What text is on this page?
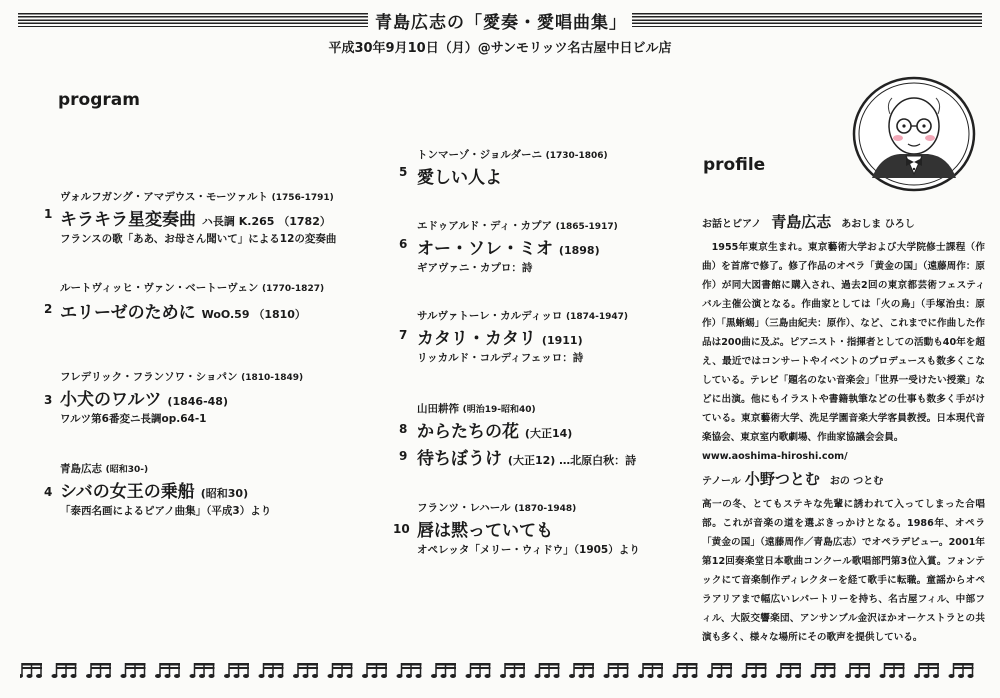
青島広志の「愛奏・愛唱曲集」
平成30年9月10日（月）@サンモリッツ名古屋中日ビル店
program
profile
1
ヴォルフガング・アマデウス・モーツァルト (1756-1791)
キラキラ星変奏曲 ハ長調 K.265 （1782）
フランスの歌「ああ、お母さん聞いて」による12の変奏曲
2
ルートヴィッヒ・ヴァン・ベートーヴェン (1770-1827)
エリーゼのために WoO.59 （1810）
3
フレデリック・フランソワ・ショパン (1810-1849)
小犬のワルツ (1846-48)
ワルツ第6番変ニ長調op.64-1
4
青島広志 (昭和30-)
シバの女王の乗船 (昭和30)
「泰西名画によるピアノ曲集」（平成3）より
5
トンマーゾ・ジョルダーニ (1730-1806)
愛しい人よ
6
エドゥアルド・ディ・カプア (1865-1917)
オー・ソレ・ミオ (1898)
ギアヴァニ・カプロ：詩
7
サルヴァトーレ・カルディッロ (1874-1947)
カタリ・カタリ (1911)
リッカルド・コルディフェッロ：詩
8
山田耕筰 (明治19-昭和40)
からたちの花 (大正14)
9 待ちぼうけ (大正12) …北原白秋：詩
10
フランツ・レハール (1870-1948)
唇は黙っていても
オペレッタ「メリー・ウィドウ」（1905）より
お話とピアノ 青島広志 あおしま ひろし
1955年東京生まれ。東京藝術大学および大学院修士課程（作曲）を首席で修了。修了作品のオペラ「黄金の国」（遠藤周作：原作）が同大図書館に購入され、過去2回の東京都芸術フェスティバル主催公演となる。作曲家としては「火の鳥」（手塚治虫：原作）「黒蜥蜴」（三島由紀夫：原作）、など、これまでに作曲した作品は200曲に及ぶ。ピアニスト・指揮者としての活動も40年を超え、最近ではコンサートやイベントのプロデュースも数多くこなしている。テレビ「題名のない音楽会」「世界一受けたい授業」などに出演。他にもイラストや書籍執筆などの仕事も数多く手がけている。東京藝術大学、洗足学園音楽大学客員教授。日本現代音楽協会、東京室内歌劇場、作曲家協議会会員。
www.aoshima-hiroshi.com/
テノール 小野つとむ おの つとむ
高一の冬、とてもステキな先輩に誘われて入ってしまった合唱部。これが音楽の道を選ぶきっかけとなる。1986年、オペラ「黄金の国」（遠藤周作／青島広志）でオペラデビュー。2001年第12回奏楽堂日本歌曲コンクール歌唱部門第3位入賞。フォンテックにて音楽制作ディレクターを経て歌手に転職。童謡からオペラアリアまで幅広いレパートリーを持ち、名古屋フィル、中部フィル、大阪交響楽団、アンサンブル金沢ほかオーケストラとの共演も多く、様々な場所にその歌声を提供している。
